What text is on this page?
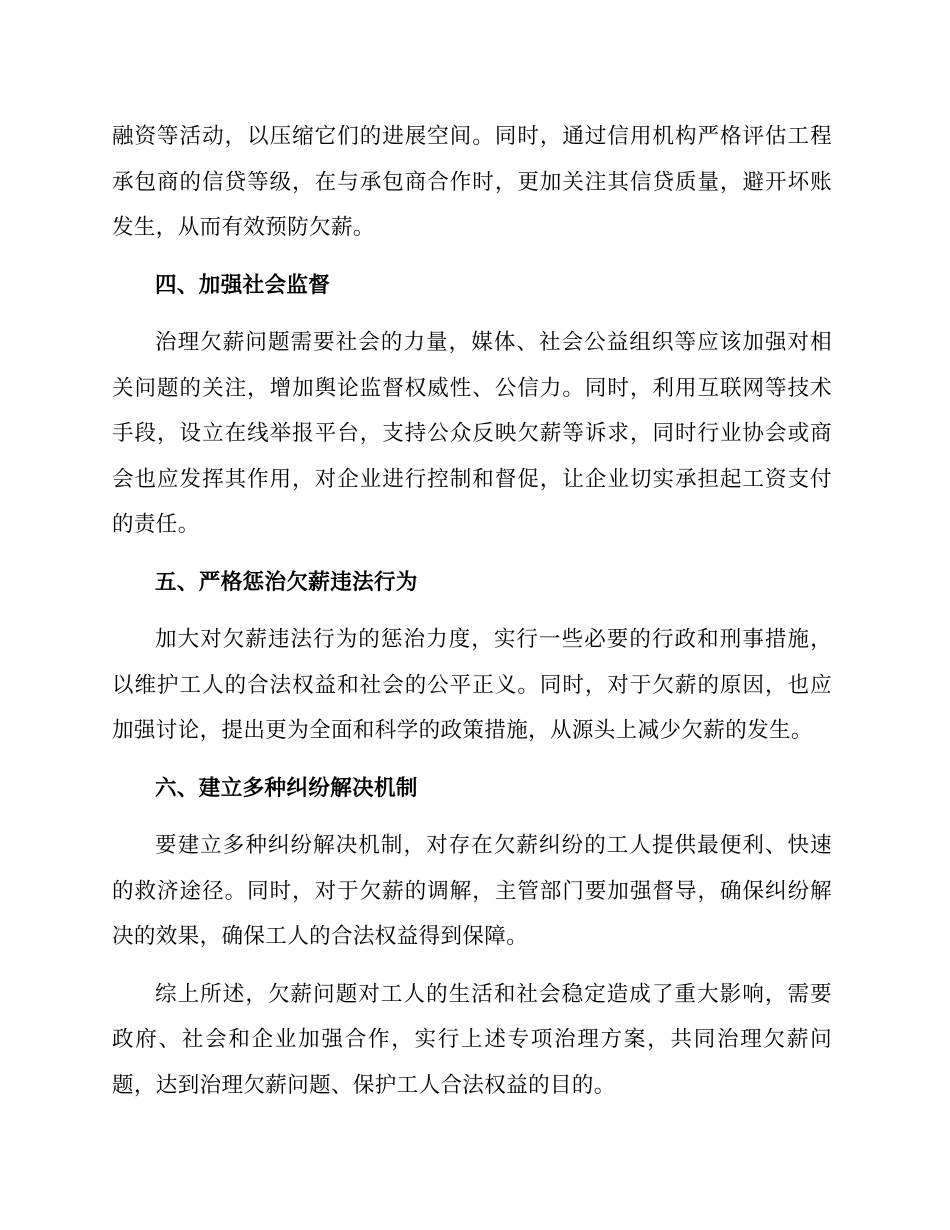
融资等活动，以压缩它们的进展空间。同时，通过信用机构严格评估工程承包商的信贷等级，在与承包商合作时，更加关注其信贷质量，避开坏账发生，从而有效预防欠薪。

四、加强社会监督

治理欠薪问题需要社会的力量，媒体、社会公益组织等应该加强对相关问题的关注，增加舆论监督权威性、公信力。同时，利用互联网等技术手段，设立在线举报平台，支持公众反映欠薪等诉求，同时行业协会或商会也应发挥其作用，对企业进行控制和督促，让企业切实承担起工资支付的责任。

五、严格惩治欠薪违法行为

加大对欠薪违法行为的惩治力度，实行一些必要的行政和刑事措施，以维护工人的合法权益和社会的公平正义。同时，对于欠薪的原因，也应加强讨论，提出更为全面和科学的政策措施，从源头上减少欠薪的发生。

六、建立多种纠纷解决机制

要建立多种纠纷解决机制，对存在欠薪纠纷的工人提供最便利、快速的救济途径。同时，对于欠薪的调解，主管部门要加强督导，确保纠纷解决的效果，确保工人的合法权益得到保障。

综上所述，欠薪问题对工人的生活和社会稳定造成了重大影响，需要政府、社会和企业加强合作，实行上述专项治理方案，共同治理欠薪问题，达到治理欠薪问题、保护工人合法权益的目的。
